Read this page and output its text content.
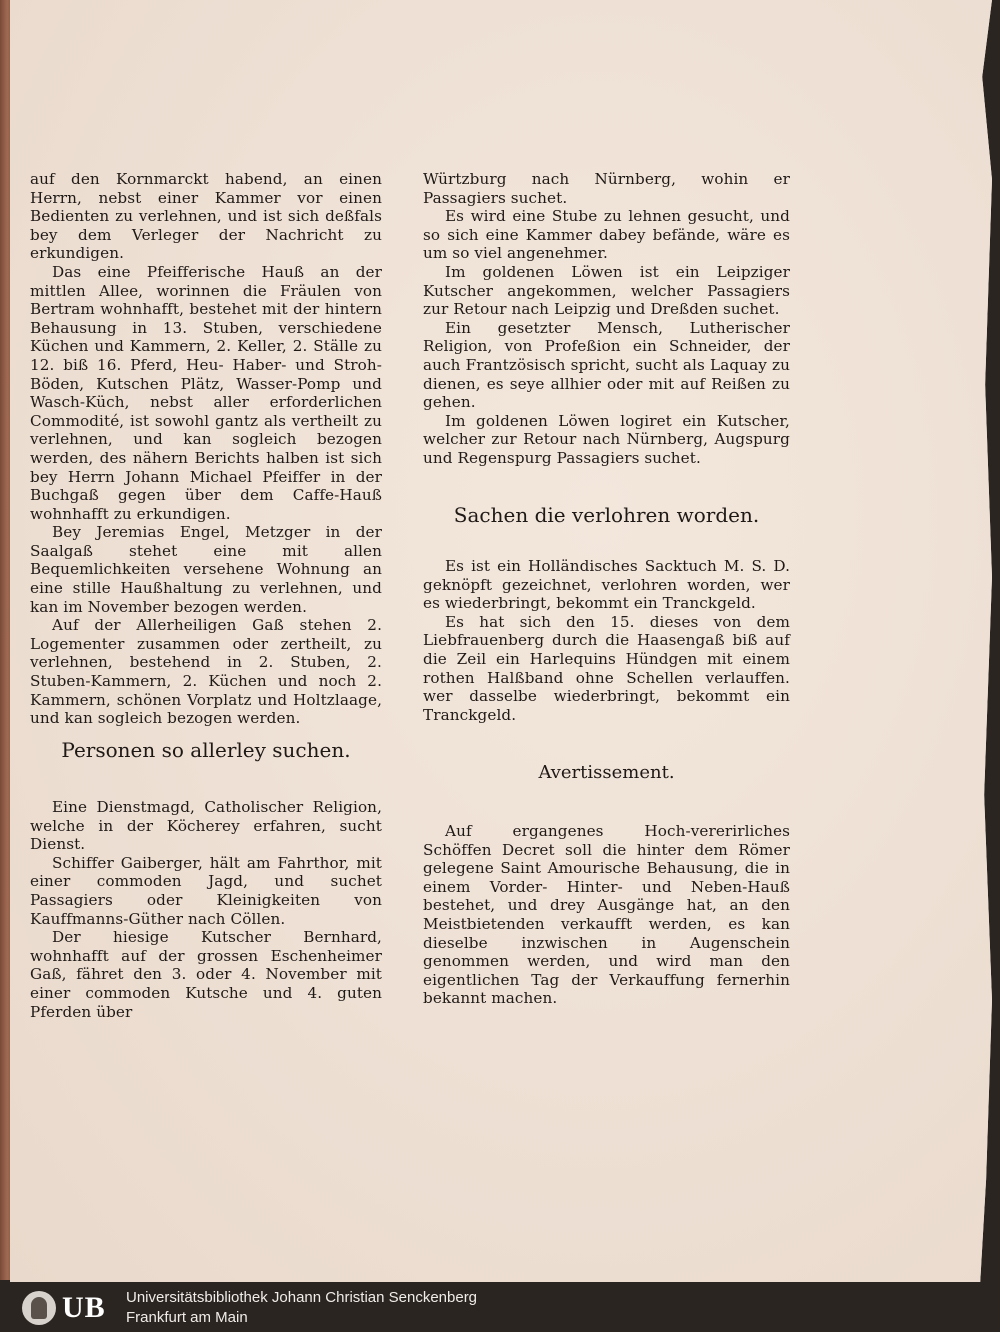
auf den Kornmarckt habend, an einen Herrn, nebst einer Kammer vor einen Bedienten zu verlehnen, und ist sich deßfals bey dem Verleger der Nachricht zu erkundigen.

Das eine Pfeifferische Hauß an der mittlen Allee, worinnen die Fräulen von Bertram wohnhafft, bestehet mit der hintern Behausung in 13. Stuben, verschiedene Küchen und Kammern, 2. Keller, 2. Ställe zu 12. biß 16. Pferd, Heu- Haber- und Stroh-Böden, Kutschen Plätz, Wasser-Pomp und Wasch-Küch, nebst aller erforderlichen Commodité, ist sowohl gantz als vertheilt zu verlehnen, und kan sogleich bezogen werden, des nähern Berichts halben ist sich bey Herrn Johann Michael Pfeiffer in der Buchgaß gegen über dem Caffe-Hauß wohnhafft zu erkundigen.

Bey Jeremias Engel, Metzger in der Saalgaß stehet eine mit allen Bequemlichkeiten versehene Wohnung an eine stille Haußhaltung zu verlehnen, und kan im November bezogen werden.

Auf der Allerheiligen Gaß stehen 2. Logementer zusammen oder zertheilt, zu verlehnen, bestehend in 2. Stuben, 2. Stuben-Kammern, 2. Küchen und noch 2. Kammern, schönen Vorplatz und Holtzlaage, und kan sogleich bezogen werden.

Personen so allerley suchen.

Eine Dienstmagd, Catholischer Religion, welche in der Köcherey erfahren, sucht Dienst.

Schiffer Gaiberger, hält am Fahrthor, mit einer commoden Jagd, und suchet Passagiers oder Kleinigkeiten von Kauffmanns-Güther nach Cöllen.

Der hiesige Kutscher Bernhard, wohnhafft auf der grossen Eschenheimer Gaß, fähret den 3. oder 4. November mit einer commoden Kutsche und 4. guten Pferden über

Würtzburg nach Nürnberg, wohin er Passagiers suchet.

Es wird eine Stube zu lehnen gesucht, und so sich eine Kammer dabey befände, wäre es um so viel angenehmer.

Im goldenen Löwen ist ein Leipziger Kutscher angekommen, welcher Passagiers zur Retour nach Leipzig und Dreßden suchet.

Ein gesetzter Mensch, Lutherischer Religion, von Profeßion ein Schneider, der auch Frantzösisch spricht, sucht als Laquay zu dienen, es seye allhier oder mit auf Reißen zu gehen.

Im goldenen Löwen logiret ein Kutscher, welcher zur Retour nach Nürnberg, Augspurg und Regenspurg Passagiers suchet.

Sachen die verlohren worden.

Es ist ein Holländisches Sacktuch M. S. D. geknöpft gezeichnet, verlohren worden, wer es wiederbringt, bekommt ein Tranckgeld.

Es hat sich den 15. dieses von dem Liebfrauenberg durch die Haasengaß biß auf die Zeil ein Harlequins Hündgen mit einem rothen Halßband ohne Schellen verlauffen. wer dasselbe wiederbringt, bekommt ein Tranckgeld.

Avertissement.

Auf ergangenes Hoch-vererirliches Schöffen Decret soll die hinter dem Römer gelegene Saint Amourische Behausung, die in einem Vorder- Hinter- und Neben-Hauß bestehet, und drey Ausgänge hat, an den Meistbietenden verkaufft werden, es kan dieselbe inzwischen in Augenschein genommen werden, und wird man den eigentlichen Tag der Verkauffung fernerhin bekannt machen.

UB Universitätsbibliothek Johann Christian Senckenberg
Frankfurt am Main
